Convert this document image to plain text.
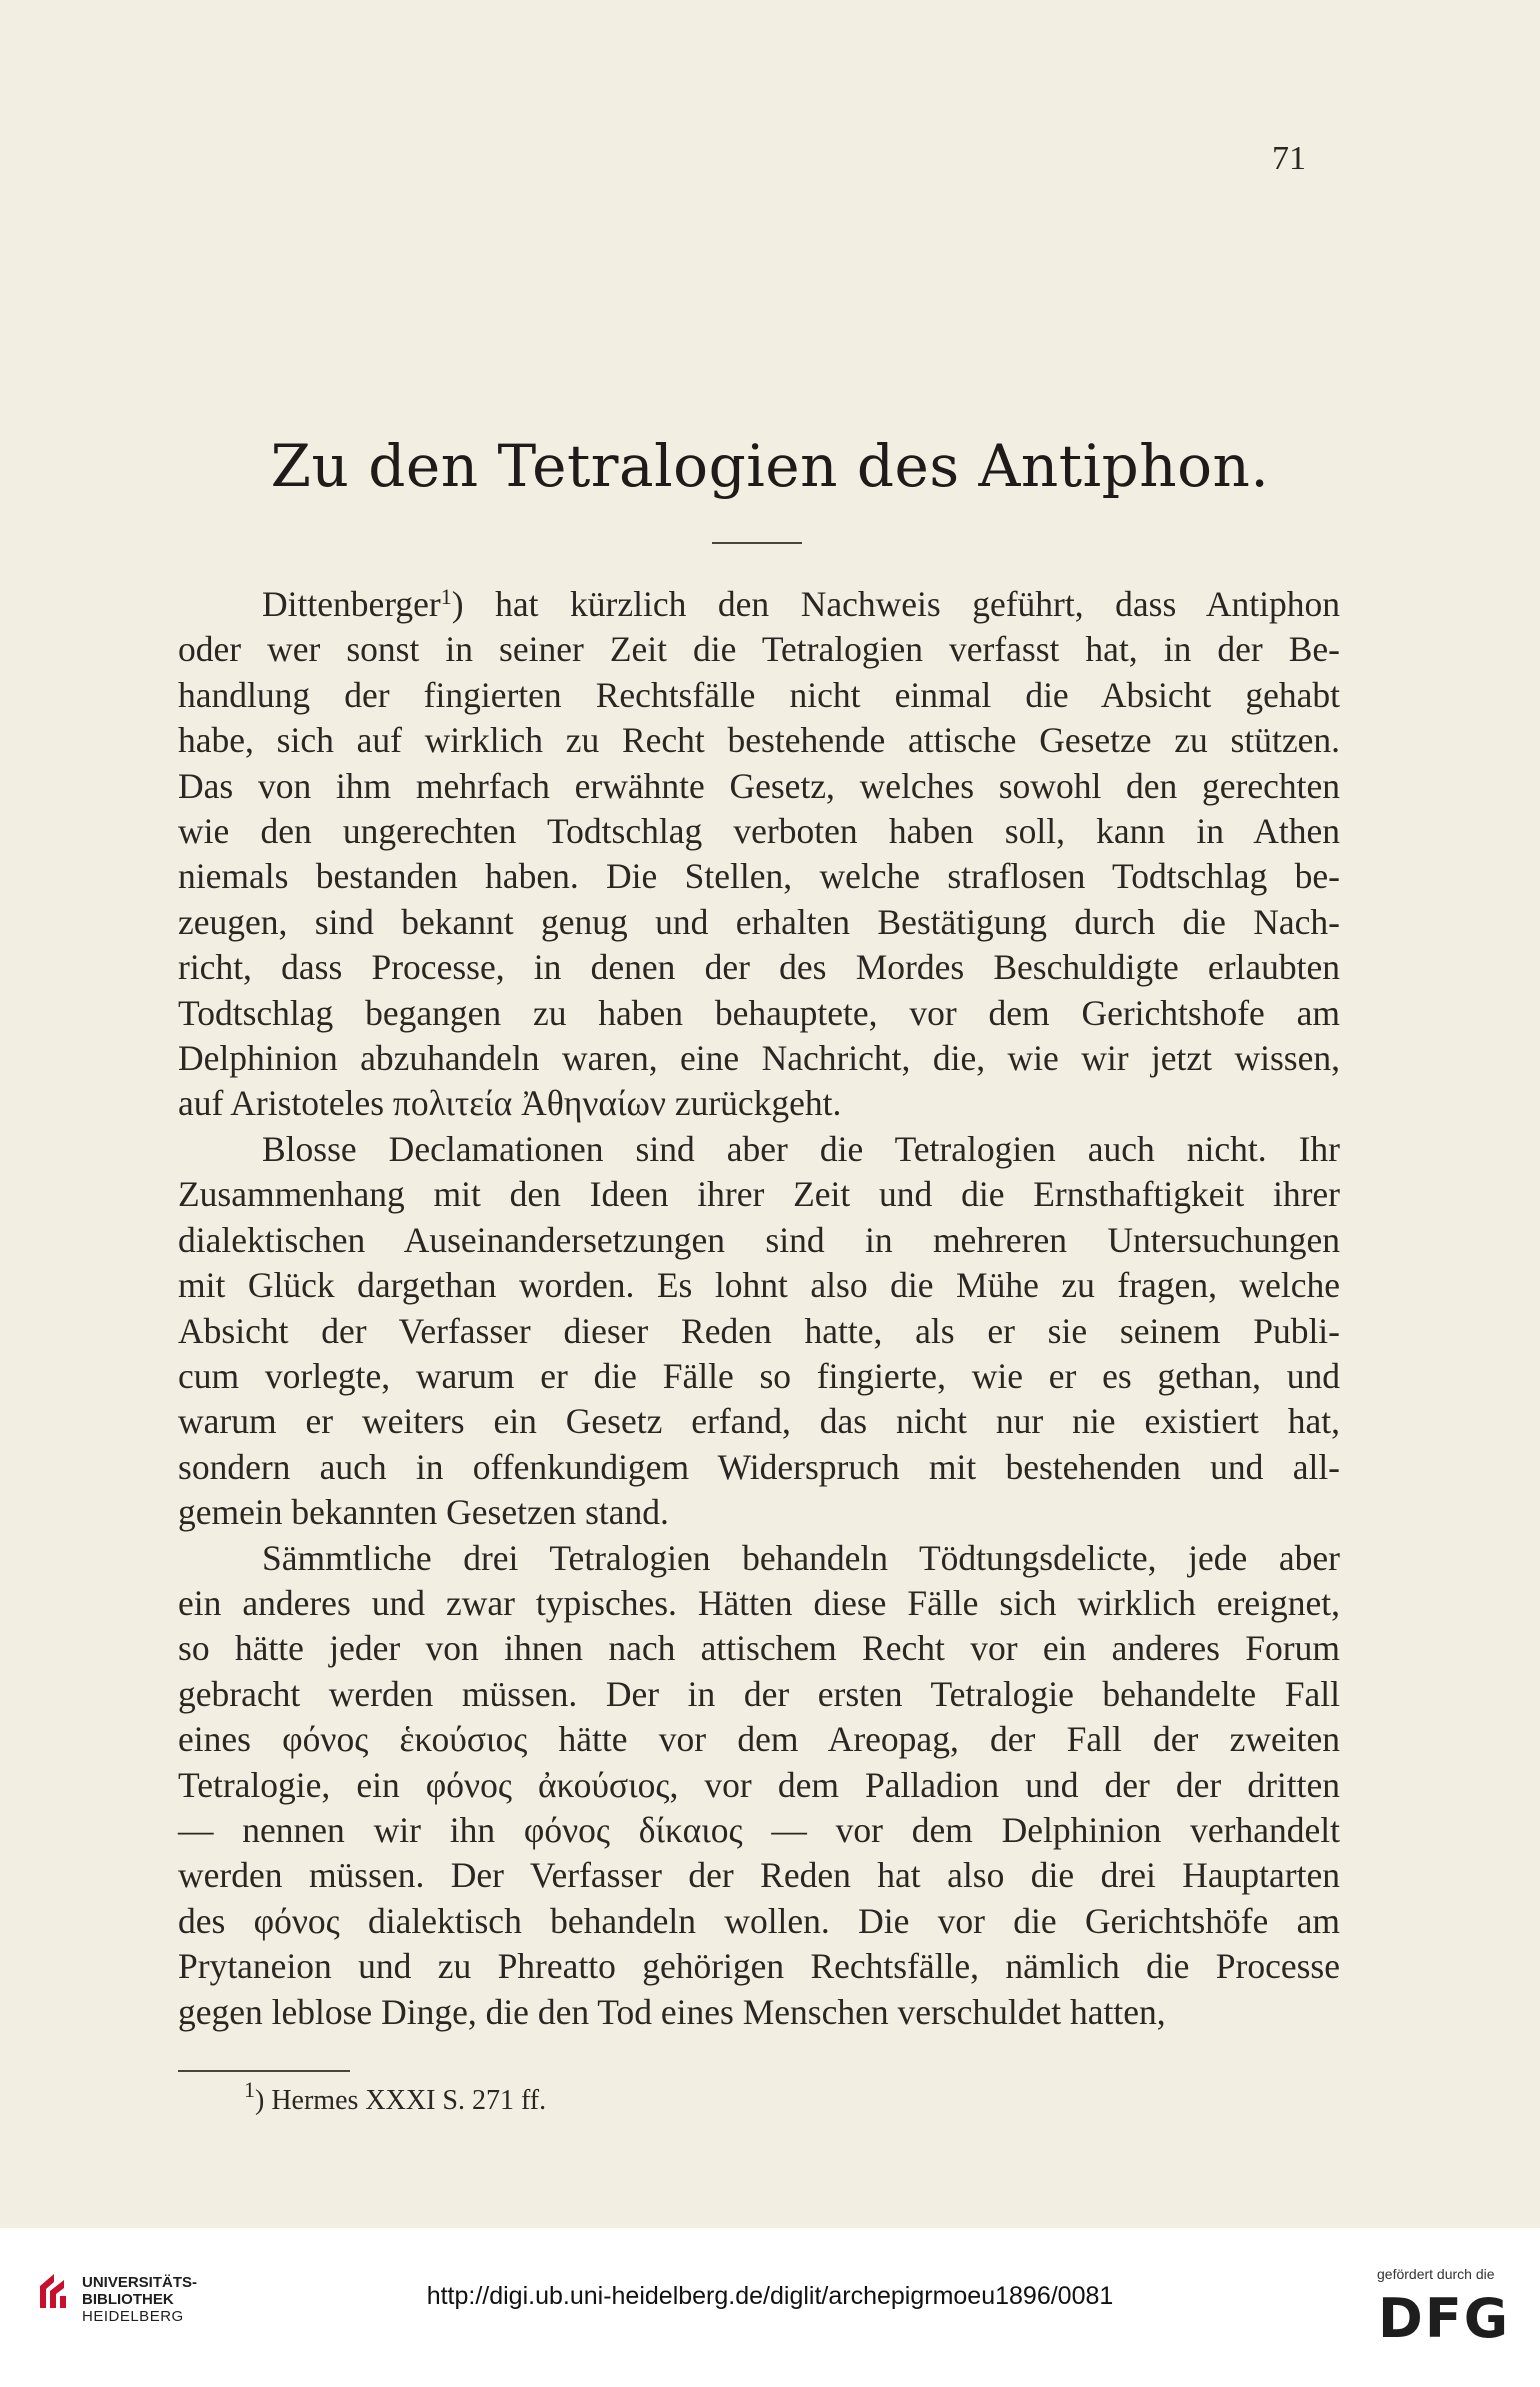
71
Zu den Tetralogien des Antiphon.
Dittenberger$^1$) hat kürzlich den Nachweis geführt, dass Antiphon
oder wer sonst in seiner Zeit die Tetralogien verfasst hat, in der Be-
handlung der fingierten Rechtsfälle nicht einmal die Absicht gehabt
habe, sich auf wirklich zu Recht bestehende attische Gesetze zu stützen.
Das von ihm mehrfach erwähnte Gesetz, welches sowohl den gerechten
wie den ungerechten Todtschlag verboten haben soll, kann in Athen
niemals bestanden haben. Die Stellen, welche straflosen Todtschlag be-
zeugen, sind bekannt genug und erhalten Bestätigung durch die Nach-
richt, dass Processe, in denen der des Mordes Beschuldigte erlaubten
Todtschlag begangen zu haben behauptete, vor dem Gerichtshofe am
Delphinion abzuhandeln waren, eine Nachricht, die, wie wir jetzt wissen,
auf Aristoteles πολιτεία Ἀθηναίων zurückgeht.
Blosse Declamationen sind aber die Tetralogien auch nicht. Ihr
Zusammenhang mit den Ideen ihrer Zeit und die Ernsthaftigkeit ihrer
dialektischen Auseinandersetzungen sind in mehreren Untersuchungen
mit Glück dargethan worden. Es lohnt also die Mühe zu fragen, welche
Absicht der Verfasser dieser Reden hatte, als er sie seinem Publi-
cum vorlegte, warum er die Fälle so fingierte, wie er es gethan, und
warum er weiters ein Gesetz erfand, das nicht nur nie existiert hat,
sondern auch in offenkundigem Widerspruch mit bestehenden und all-
gemein bekannten Gesetzen stand.
Sämmtliche drei Tetralogien behandeln Tödtungsdelicte, jede aber
ein anderes und zwar typisches. Hätten diese Fälle sich wirklich ereignet,
so hätte jeder von ihnen nach attischem Recht vor ein anderes Forum
gebracht werden müssen. Der in der ersten Tetralogie behandelte Fall
eines φόνος ἑκούσιος hätte vor dem Areopag, der Fall der zweiten
Tetralogie, ein φόνος ἀκούσιος, vor dem Palladion und der der dritten
— nennen wir ihn φόνος δίκαιος — vor dem Delphinion verhandelt
werden müssen. Der Verfasser der Reden hat also die drei Hauptarten
des φόνος dialektisch behandeln wollen. Die vor die Gerichtshöfe am
Prytaneion und zu Phreatto gehörigen Rechtsfälle, nämlich die Processe
gegen leblose Dinge, die den Tod eines Menschen verschuldet hatten,
$^1$) Hermes XXXI S. 271 ff.
UNIVERSITÄTS-
BIBLIOTHEK
HEIDELBERG
http://digi.ub.uni-heidelberg.de/diglit/archepigrmoeu1896/0081
gefördert durch die
DFG
